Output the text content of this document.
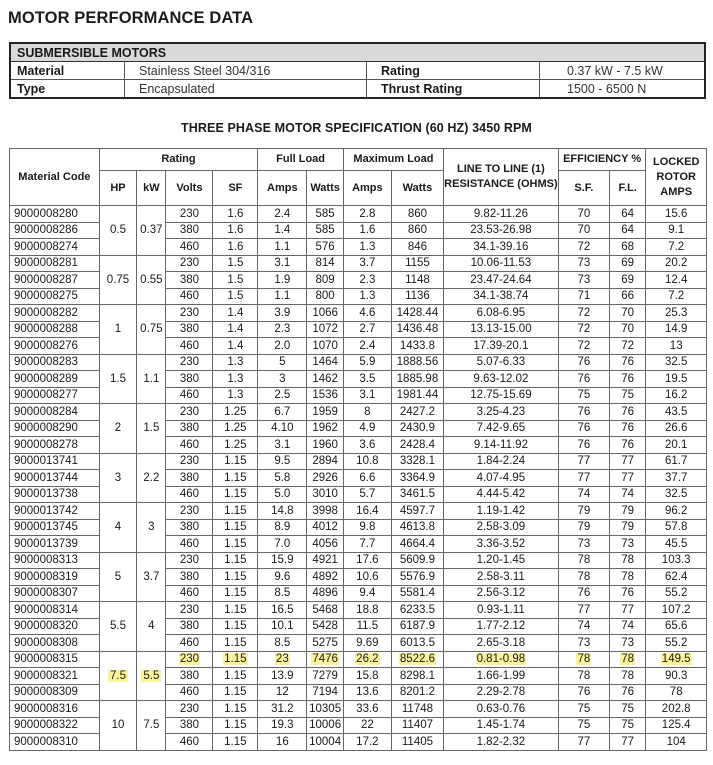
MOTOR PERFORMANCE DATA
SUBMERSIBLE MOTORS			
Material	Stainless Steel 304/316	Rating	0.37 kW - 7.5 kW
Type	Encapsulated	Thrust Rating	1500 - 6500 N
THREE PHASE MOTOR SPECIFICATION (60 HZ) 3450 RPM
Material Code	Rating				Full Load		Maximum Load		LINE TO LINE (1) RESISTANCE (OHMS)	EFFICIENCY %		LOCKED ROTOR AMPS
	HP	kW	Volts	SF	Amps	Watts	Amps	Watts		S.F.	F.L.	
9000008280	0.5	0.37	230	1.6	2.4	585	2.8	860	9.82-11.26	70	64	15.6
9000008286			380	1.6	1.4	585	1.6	860	23.53-26.98	70	64	9.1
9000008274			460	1.6	1.1	576	1.3	846	34.1-39.16	72	68	7.2
9000008281	0.75	0.55	230	1.5	3.1	814	3.7	1155	10.06-11.53	73	69	20.2
9000008287			380	1.5	1.9	809	2.3	1148	23.47-24.64	73	69	12.4
9000008275			460	1.5	1.1	800	1.3	1136	34.1-38.74	71	66	7.2
9000008282	1	0.75	230	1.4	3.9	1066	4.6	1428.44	6.08-6.95	72	70	25.3
9000008288			380	1.4	2.3	1072	2.7	1436.48	13.13-15.00	72	70	14.9
9000008276			460	1.4	2.0	1070	2.4	1433.8	17.39-20.1	72	72	13
9000008283	1.5	1.1	230	1.3	5	1464	5.9	1888.56	5.07-6.33	76	76	32.5
9000008289			380	1.3	3	1462	3.5	1885.98	9.63-12.02	76	76	19.5
9000008277			460	1.3	2.5	1536	3.1	1981.44	12.75-15.69	75	75	16.2
9000008284	2	1.5	230	1.25	6.7	1959	8	2427.2	3.25-4.23	76	76	43.5
9000008290			380	1.25	4.10	1962	4.9	2430.9	7.42-9.65	76	76	26.6
9000008278			460	1.25	3.1	1960	3.6	2428.4	9.14-11.92	76	76	20.1
9000013741	3	2.2	230	1.15	9.5	2894	10.8	3328.1	1.84-2.24	77	77	61.7
9000013744			380	1.15	5.8	2926	6.6	3364.9	4.07-4.95	77	77	37.7
9000013738			460	1.15	5.0	3010	5.7	3461.5	4.44-5.42	74	74	32.5
9000013742	4	3	230	1.15	14.8	3998	16.4	4597.7	1.19-1.42	79	79	96.2
9000013745			380	1.15	8.9	4012	9.8	4613.8	2.58-3.09	79	79	57.8
9000013739			460	1.15	7.0	4056	7.7	4664.4	3.36-3.52	73	73	45.5
9000008313	5	3.7	230	1.15	15.9	4921	17.6	5609.9	1.20-1.45	78	78	103.3
9000008319			380	1.15	9.6	4892	10.6	5576.9	2.58-3.11	78	78	62.4
9000008307			460	1.15	8.5	4896	9.4	5581.4	2.56-3.12	76	76	55.2
9000008314	5.5	4	230	1.15	16.5	5468	18.8	6233.5	0.93-1.11	77	77	107.2
9000008320			380	1.15	10.1	5428	11.5	6187.9	1.77-2.12	74	74	65.6
9000008308			460	1.15	8.5	5275	9.69	6013.5	2.65-3.18	73	73	55.2
9000008315	7.5	5.5	230	1.15	23	7476	26.2	8522.6	0.81-0.98	78	78	149.5
9000008321			380	1.15	13.9	7279	15.8	8298.1	1.66-1.99	78	78	90.3
9000008309			460	1.15	12	7194	13.6	8201.2	2.29-2.78	76	76	78
9000008316	10	7.5	230	1.15	31.2	10305	33.6	11748	0.63-0.76	75	75	202.8
9000008322			380	1.15	19.3	10006	22	11407	1.45-1.74	75	75	125.4
9000008310			460	1.15	16	10004	17.2	11405	1.82-2.32	77	77	104
